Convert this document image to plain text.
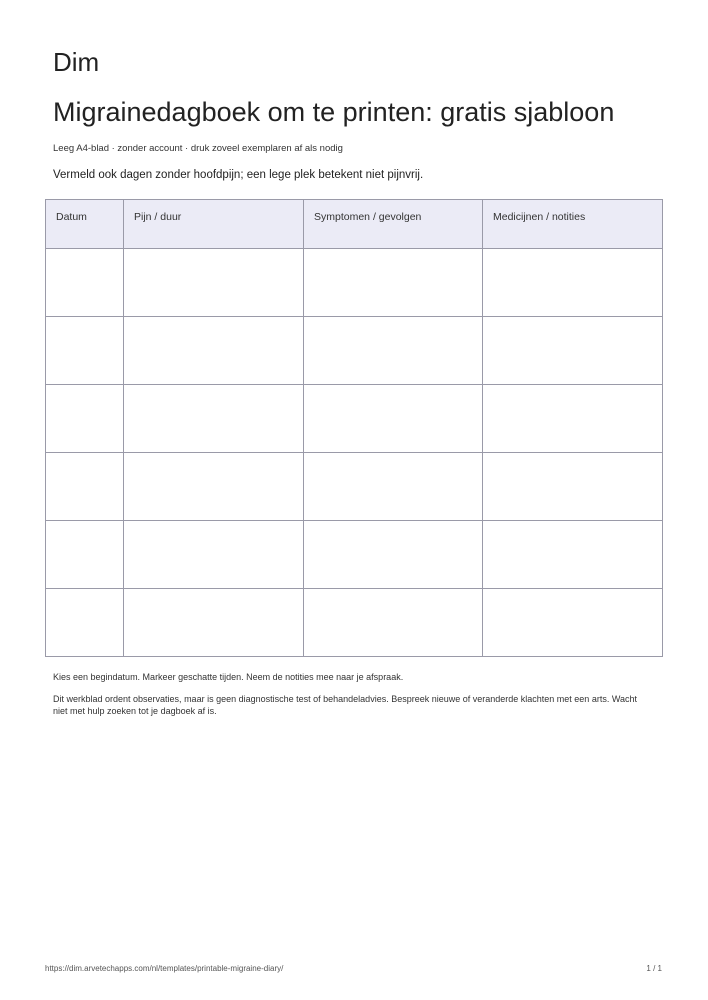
Dim
Migrainedagboek om te printen: gratis sjabloon
Leeg A4-blad · zonder account · druk zoveel exemplaren af als nodig
Vermeld ook dagen zonder hoofdpijn; een lege plek betekent niet pijnvrij.
Datum	Pijn / duur	Symptomen / gevolgen	Medicijnen / notities

Kies een begindatum. Markeer geschatte tijden. Neem de notities mee naar je afspraak.

Dit werkblad ordent observaties, maar is geen diagnostische test of behandeladvies. Bespreek nieuwe of veranderde klachten met een arts. Wacht niet met hulp zoeken tot je dagboek af is.

https://dim.arvetechapps.com/nl/templates/printable-migraine-diary/	1 / 1
